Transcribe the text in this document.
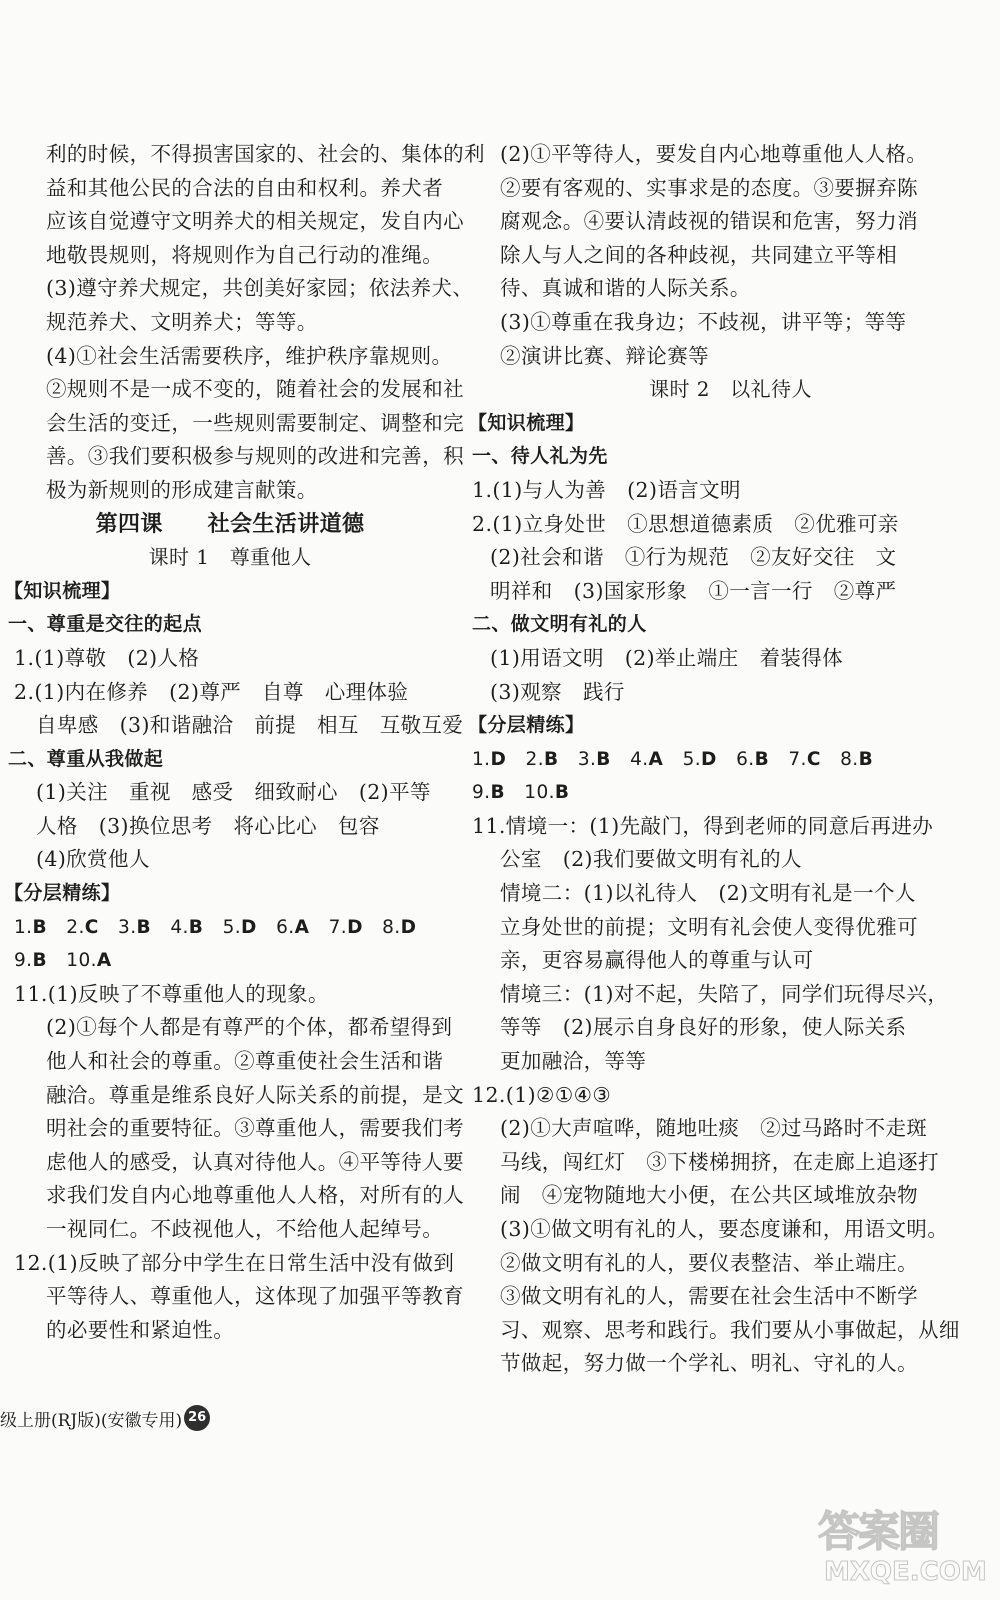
利的时候，不得损害国家的、社会的、集体的利
益和其他公民的合法的自由和权利。养犬者
应该自觉遵守文明养犬的相关规定，发自内心
地敬畏规则，将规则作为自己行动的准绳。
(3)遵守养犬规定，共创美好家园；依法养犬、
规范养犬、文明养犬；等等。
(4)①社会生活需要秩序，维护秩序靠规则。
②规则不是一成不变的，随着社会的发展和社
会生活的变迁，一些规则需要制定、调整和完
善。③我们要积极参与规则的改进和完善，积
极为新规则的形成建言献策。
第四课　　社会生活讲道德
课时 1　尊重他人
【知识梳理】
一、尊重是交往的起点
1.(1)尊敬　(2)人格
2.(1)内在修养　(2)尊严　自尊　心理体验
自卑感　(3)和谐融洽　前提　相互　互敬互爱
二、尊重从我做起
(1)关注　重视　感受　细致耐心　(2)平等
人格　(3)换位思考　将心比心　包容
(4)欣赏他人
【分层精练】
1.B   2.C   3.B   4.B   5.D   6.A   7.D   8.D  
9.B   10.A  
11.(1)反映了不尊重他人的现象。
(2)①每个人都是有尊严的个体，都希望得到
他人和社会的尊重。②尊重使社会生活和谐
融洽。尊重是维系良好人际关系的前提，是文
明社会的重要特征。③尊重他人，需要我们考
虑他人的感受，认真对待他人。④平等待人要
求我们发自内心地尊重他人人格，对所有的人
一视同仁。不歧视他人，不给他人起绰号。
12.(1)反映了部分中学生在日常生活中没有做到
平等待人、尊重他人，这体现了加强平等教育
的必要性和紧迫性。
(2)①平等待人，要发自内心地尊重他人人格。
②要有客观的、实事求是的态度。③要摒弃陈
腐观念。④要认清歧视的错误和危害，努力消
除人与人之间的各种歧视，共同建立平等相
待、真诚和谐的人际关系。
(3)①尊重在我身边；不歧视，讲平等；等等
②演讲比赛、辩论赛等
课时 2　以礼待人
【知识梳理】
一、待人礼为先
1.(1)与人为善　(2)语言文明
2.(1)立身处世　①思想道德素质　②优雅可亲
(2)社会和谐　①行为规范　②友好交往　文
明祥和　(3)国家形象　①一言一行　②尊严
二、做文明有礼的人
(1)用语文明　(2)举止端庄　着装得体
(3)观察　践行
【分层精练】
1.D   2.B   3.B   4.A   5.D   6.B   7.C   8.B  
9.B   10.B  
11.情境一：(1)先敲门，得到老师的同意后再进办
公室　(2)我们要做文明有礼的人
情境二：(1)以礼待人　(2)文明有礼是一个人
立身处世的前提；文明有礼会使人变得优雅可
亲，更容易赢得他人的尊重与认可
情境三：(1)对不起，失陪了，同学们玩得尽兴，
等等　(2)展示自身良好的形象，使人际关系
更加融洽，等等
12.(1)②①④③
(2)①大声喧哗，随地吐痰　②过马路时不走斑
马线，闯红灯　③下楼梯拥挤，在走廊上追逐打
闹　④宠物随地大小便，在公共区域堆放杂物
(3)①做文明有礼的人，要态度谦和，用语文明。
②做文明有礼的人，要仪表整洁、举止端庄。
③做文明有礼的人，需要在社会生活中不断学
习、观察、思考和践行。我们要从小事做起，从细
节做起，努力做一个学礼、明礼、守礼的人。
级上册(RJ版)(安徽专用) 26
答案圈
MXQE.COM
